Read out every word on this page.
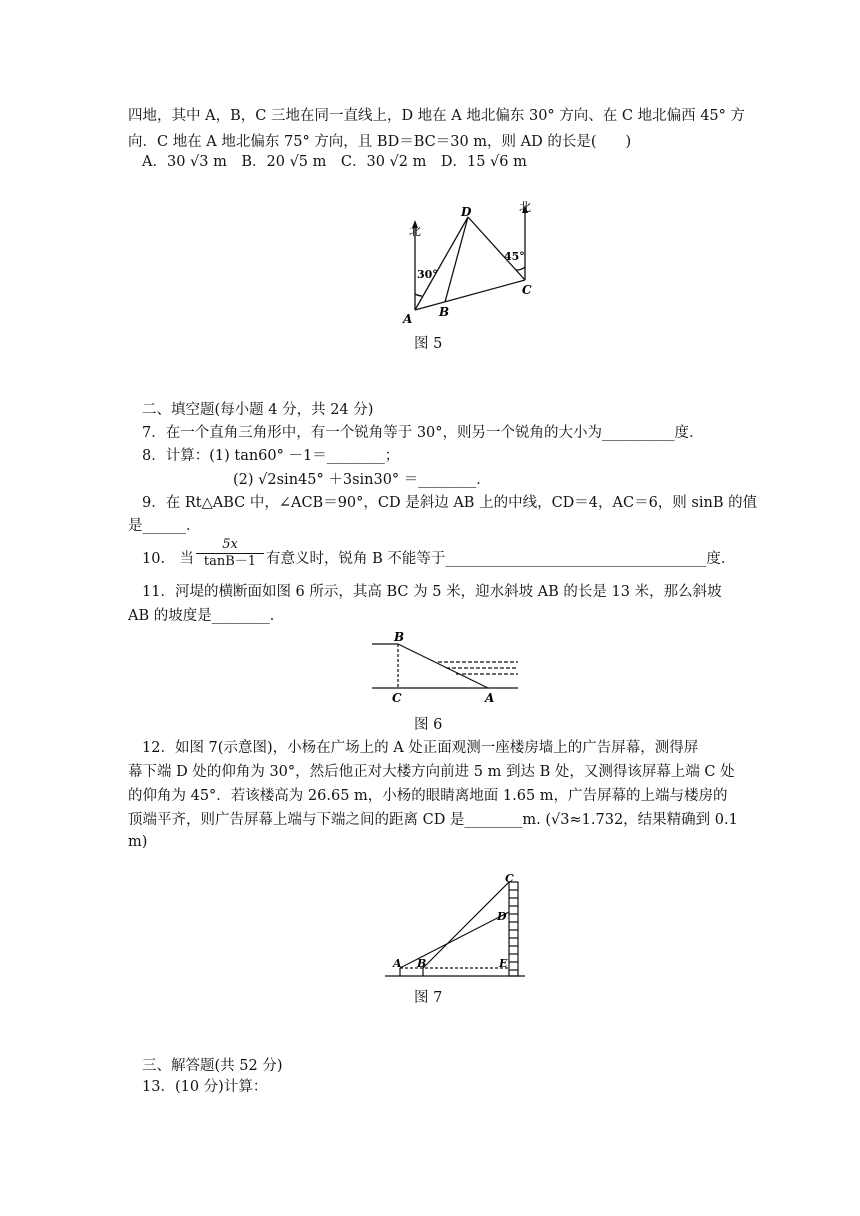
四地，其中 A，B，C 三地在同一直线上，D 地在 A 地北偏东 30° 方向、在 C 地北偏西 45° 方
向．C 地在 A 地北偏东 75° 方向，且 BD＝BC＝30 m，则 AD 的长是(　　)
A．30 √3 m　B．20 √5 m　C．30 √2 m　D．15 √6 m
北
北
30°
45°
A B
C
D
图 5
二、填空题(每小题 4 分，共 24 分)
7．在一个直角三角形中，有一个锐角等于 30°，则另一个锐角的大小为__________度．
8．计算：(1) tan60° －1＝________；
(2) √2sin45° ＋3sin30° ＝________．
9．在 Rt△ABC 中，∠ACB＝90°，CD 是斜边 AB 上的中线，CD＝4，AC＝6，则 sinB 的值
是______．
10.　当 $\frac{5x}{\tan B-1}$ 有意义时，锐角 B 不能等于____________________________________度．
11．河堤的横断面如图 6 所示，其高 BC 为 5 米，迎水斜坡 AB 的长是 13 米，那么斜坡
AB 的坡度是________．
B
C	A
图 6
12．如图 7(示意图)，小杨在广场上的 A 处正面观测一座楼房墙上的广告屏幕，测得屏
幕下端 D 处的仰角为 30°，然后他正对大楼方向前进 5 m 到达 B 处，又测得该屏幕上端 C 处
的仰角为 45°．若该楼高为 26.65 m，小杨的眼睛离地面 1.65 m，广告屏幕的上端与楼房的
顶端平齐，则广告屏幕上端与下端之间的距离 CD 是________m. (√3≈1.732，结果精确到 0.1
m)
C
D
E
A B
图 7
三、解答题(共 52 分)
13．(10 分)计算：
